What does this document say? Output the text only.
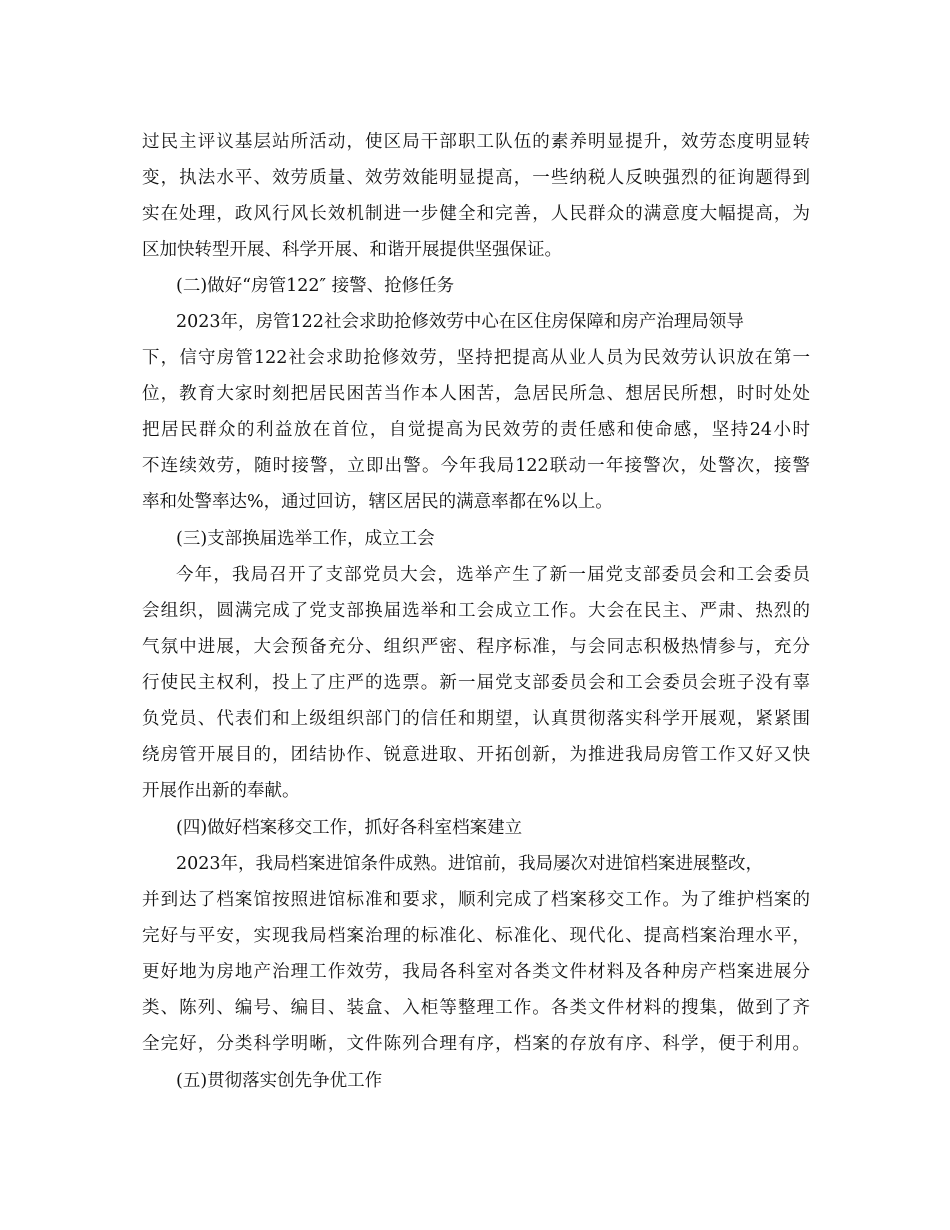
过民主评议基层站所活动，使区局干部职工队伍的素养明显提升，效劳态度明显转
变，执法水平、效劳质量、效劳效能明显提高，一些纳税人反映强烈的征询题得到
实在处理，政风行风长效机制进一步健全和完善，人民群众的满意度大幅提高，为
区加快转型开展、科学开展、和谐开展提供坚强保证。
(二)做好“房管122″ 接警、抢修任务
2023年，房管122社会求助抢修效劳中心在区住房保障和房产治理局领导
下，信守房管122社会求助抢修效劳，坚持把提高从业人员为民效劳认识放在第一
位，教育大家时刻把居民困苦当作本人困苦，急居民所急、想居民所想，时时处处
把居民群众的利益放在首位，自觉提高为民效劳的责任感和使命感，坚持24小时
不连续效劳，随时接警，立即出警。今年我局122联动一年接警次，处警次，接警
率和处警率达%，通过回访，辖区居民的满意率都在%以上。
(三)支部换届选举工作，成立工会
今年，我局召开了支部党员大会，选举产生了新一届党支部委员会和工会委员
会组织，圆满完成了党支部换届选举和工会成立工作。大会在民主、严肃、热烈的
气氛中进展，大会预备充分、组织严密、程序标准，与会同志积极热情参与，充分
行使民主权利，投上了庄严的选票。新一届党支部委员会和工会委员会班子没有辜
负党员、代表们和上级组织部门的信任和期望，认真贯彻落实科学开展观，紧紧围
绕房管开展目的，团结协作、锐意进取、开拓创新，为推进我局房管工作又好又快
开展作出新的奉献。
(四)做好档案移交工作，抓好各科室档案建立
2023年，我局档案进馆条件成熟。进馆前，我局屡次对进馆档案进展整改，
并到达了档案馆按照进馆标准和要求，顺利完成了档案移交工作。为了维护档案的
完好与平安，实现我局档案治理的标准化、标准化、现代化、提高档案治理水平，
更好地为房地产治理工作效劳，我局各科室对各类文件材料及各种房产档案进展分
类、陈列、编号、编目、装盒、入柜等整理工作。各类文件材料的搜集，做到了齐
全完好，分类科学明晰，文件陈列合理有序，档案的存放有序、科学，便于利用。
(五)贯彻落实创先争优工作
